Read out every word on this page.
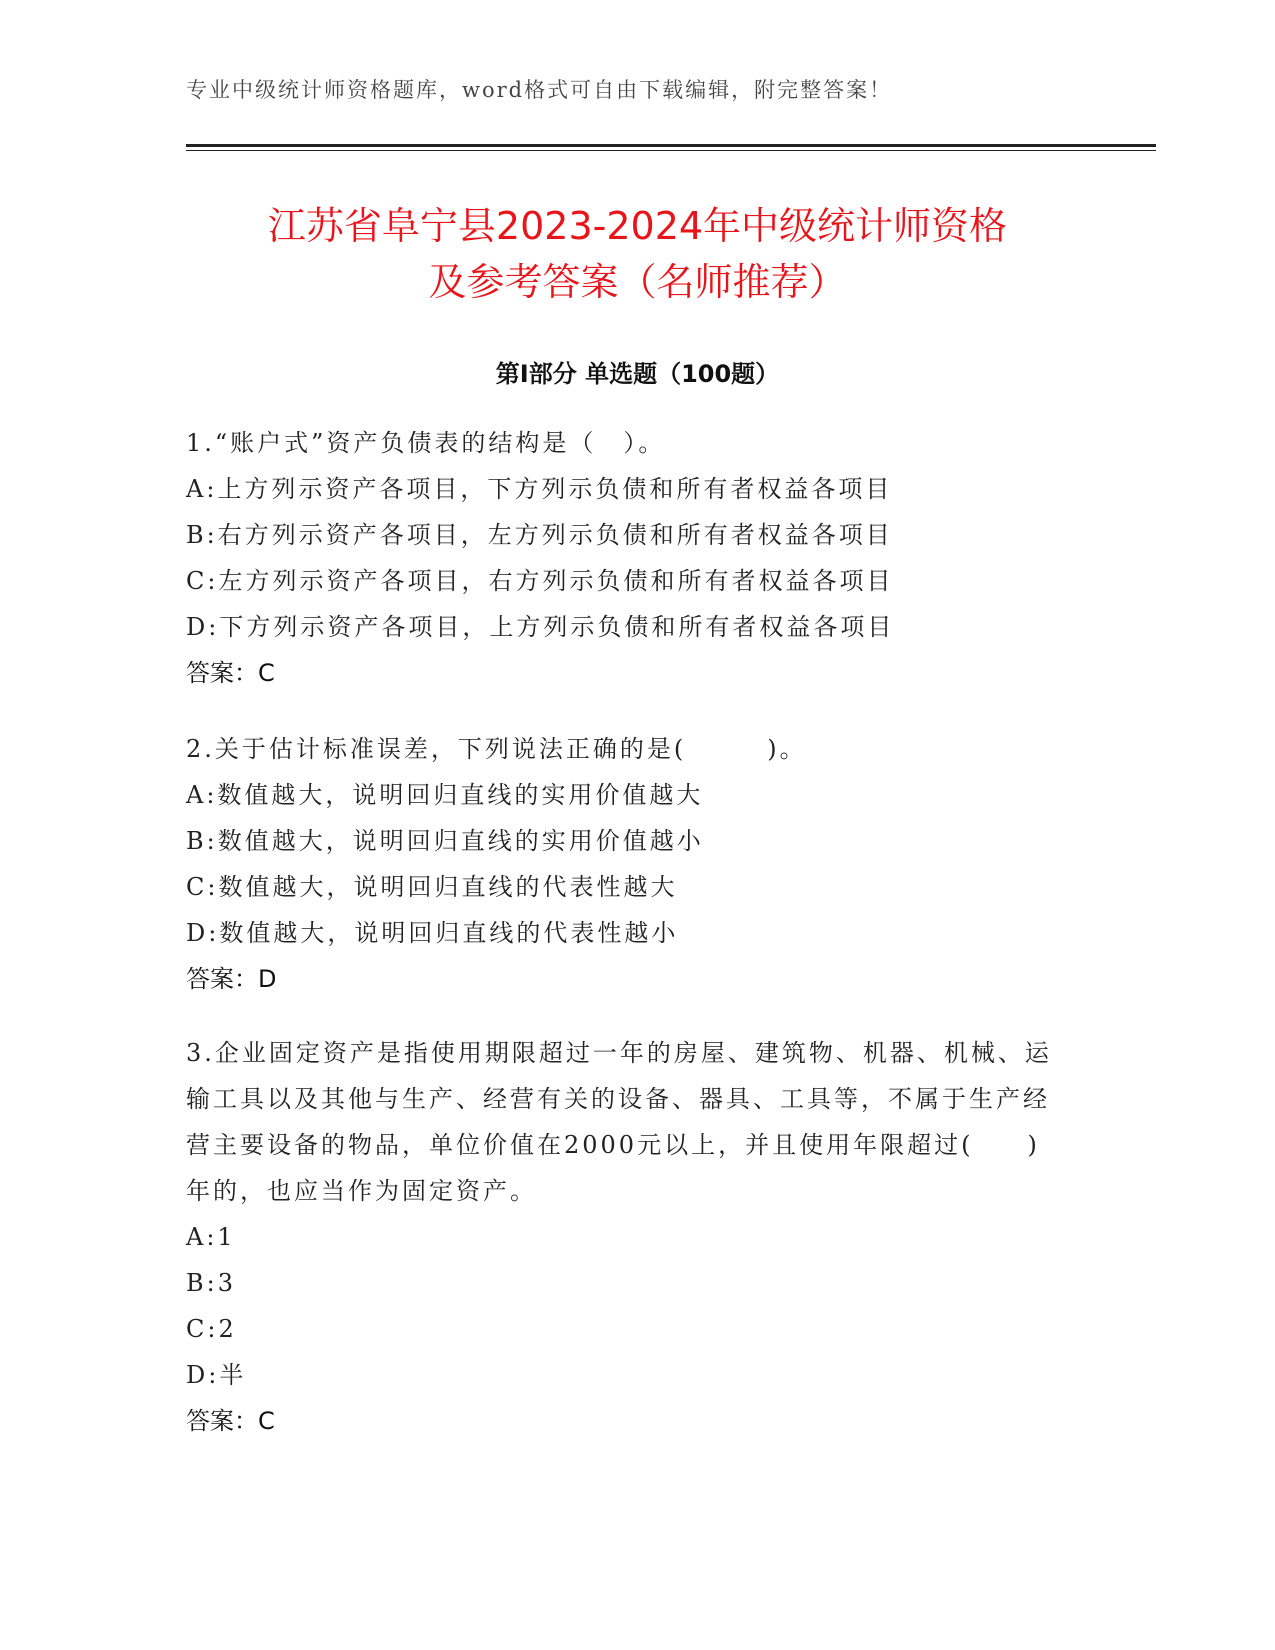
专业中级统计师资格题库，word格式可自由下载编辑，附完整答案！
江苏省阜宁县2023-2024年中级统计师资格
及参考答案（名师推荐）
第I部分 单选题（100题）
1.“账户式”资产负债表的结构是（　）。
A:上方列示资产各项目，下方列示负债和所有者权益各项目
B:右方列示资产各项目，左方列示负债和所有者权益各项目
C:左方列示资产各项目，右方列示负债和所有者权益各项目
D:下方列示资产各项目，上方列示负债和所有者权益各项目
答案：C
2.关于估计标准误差，下列说法正确的是(　　　)。
A:数值越大，说明回归直线的实用价值越大
B:数值越大，说明回归直线的实用价值越小
C:数值越大，说明回归直线的代表性越大
D:数值越大，说明回归直线的代表性越小
答案：D
3.企业固定资产是指使用期限超过一年的房屋、建筑物、机器、机械、运输工具以及其他与生产、经营有关的设备、器具、工具等，不属于生产经营主要设备的物品，单位价值在2000元以上，并且使用年限超过(　　)年的，也应当作为固定资产。
A:1
B:3
C:2
D:半
答案：C
